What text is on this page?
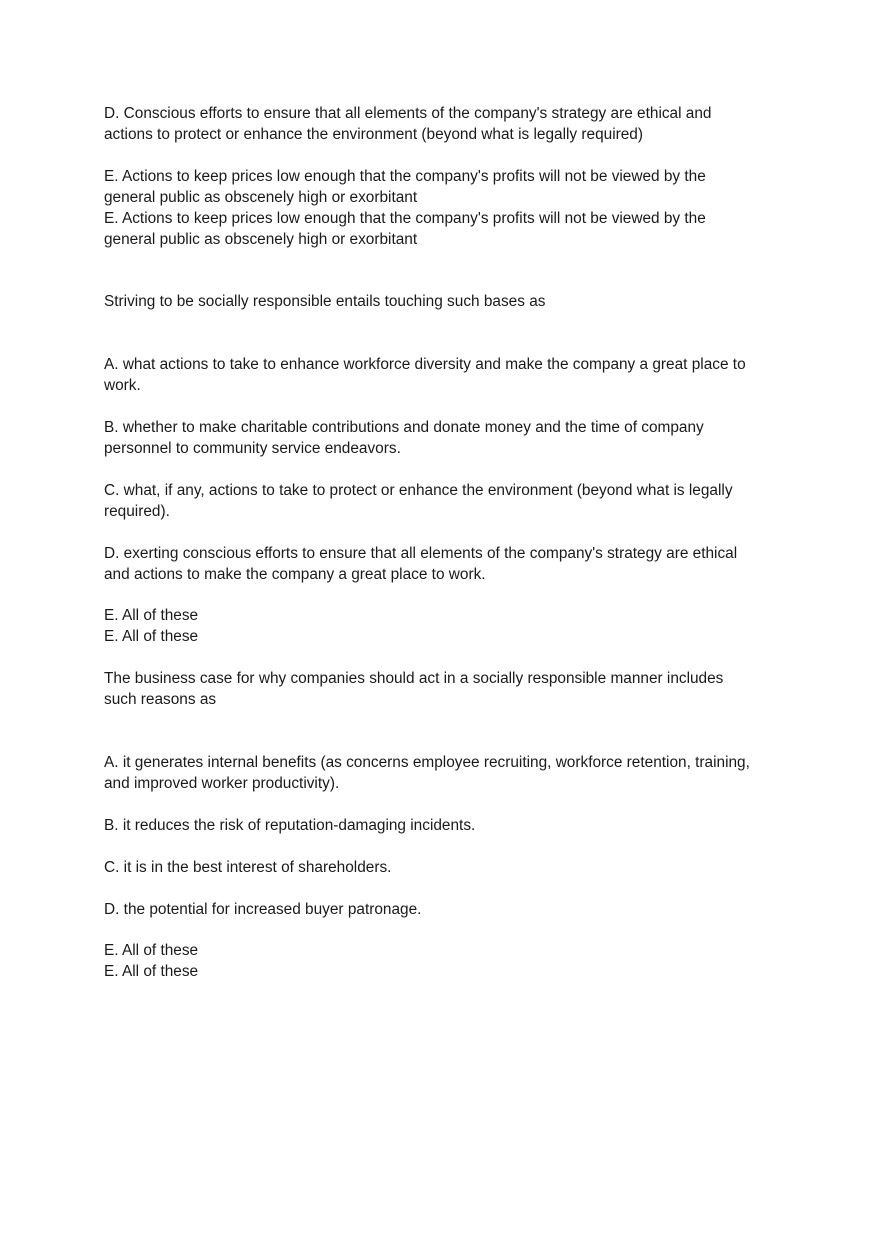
D. Conscious efforts to ensure that all elements of the company's strategy are ethical and

actions to protect or enhance the environment (beyond what is legally required)

E. Actions to keep prices low enough that the company's profits will not be viewed by the

general public as obscenely high or exorbitant

E. Actions to keep prices low enough that the company's profits will not be viewed by the

general public as obscenely high or exorbitant

Striving to be socially responsible entails touching such bases as

A. what actions to take to enhance workforce diversity and make the company a great place to

work.

B. whether to make charitable contributions and donate money and the time of company

personnel to community service endeavors.

C. what, if any, actions to take to protect or enhance the environment (beyond what is legally

required).

D. exerting conscious efforts to ensure that all elements of the company's strategy are ethical

and actions to make the company a great place to work.

E. All of these

E. All of these

The business case for why companies should act in a socially responsible manner includes

such reasons as

A. it generates internal benefits (as concerns employee recruiting, workforce retention, training,

and improved worker productivity).

B. it reduces the risk of reputation-damaging incidents.

C. it is in the best interest of shareholders.

D. the potential for increased buyer patronage.

E. All of these

E. All of these
